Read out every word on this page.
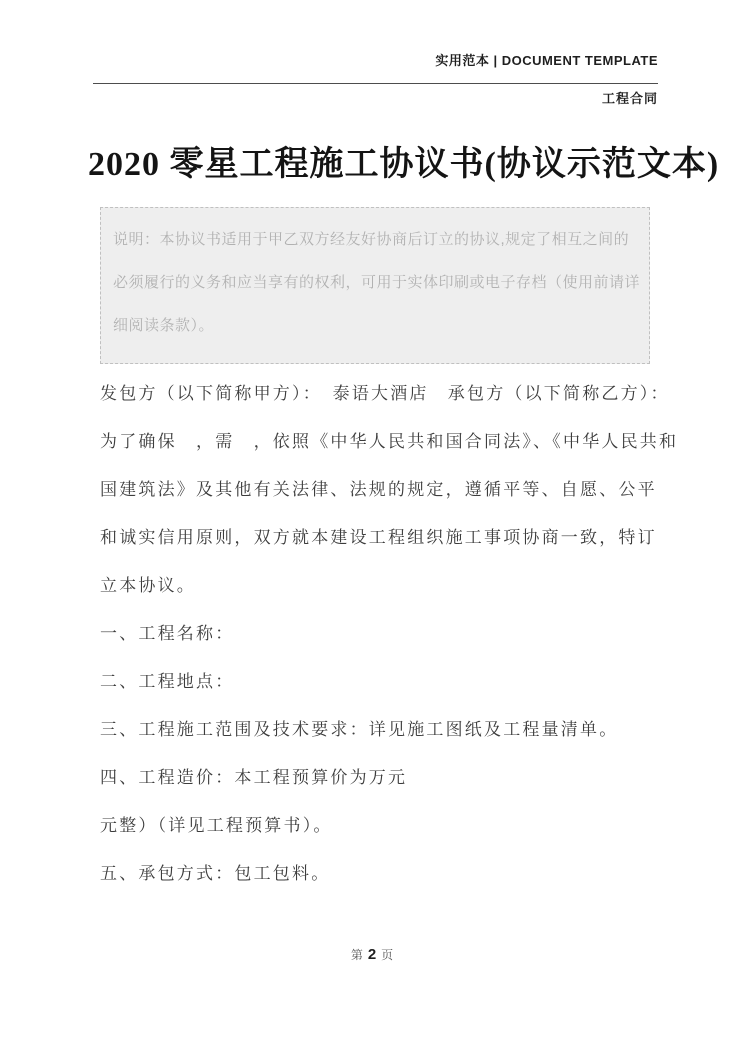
实用范本 | DOCUMENT TEMPLATE
工程合同
2020 零星工程施工协议书(协议示范文本)
说明：本协议书适用于甲乙双方经友好协商后订立的协议,规定了相互之间的
必须履行的义务和应当享有的权利，可用于实体印刷或电子存档（使用前请详
细阅读条款）。
发包方（以下简称甲方）：　泰语大酒店　承包方（以下简称乙方）：
为了确保　，需　，依照《中华人民共和国合同法》、《中华人民共和
国建筑法》及其他有关法律、法规的规定，遵循平等、自愿、公平
和诚实信用原则，双方就本建设工程组织施工事项协商一致，特订
立本协议。
一、工程名称：
二、工程地点：
三、工程施工范围及技术要求：详见施工图纸及工程量清单。
四、工程造价：本工程预算价为万元
元整）（详见工程预算书）。
五、承包方式：包工包料。
第 2 页
